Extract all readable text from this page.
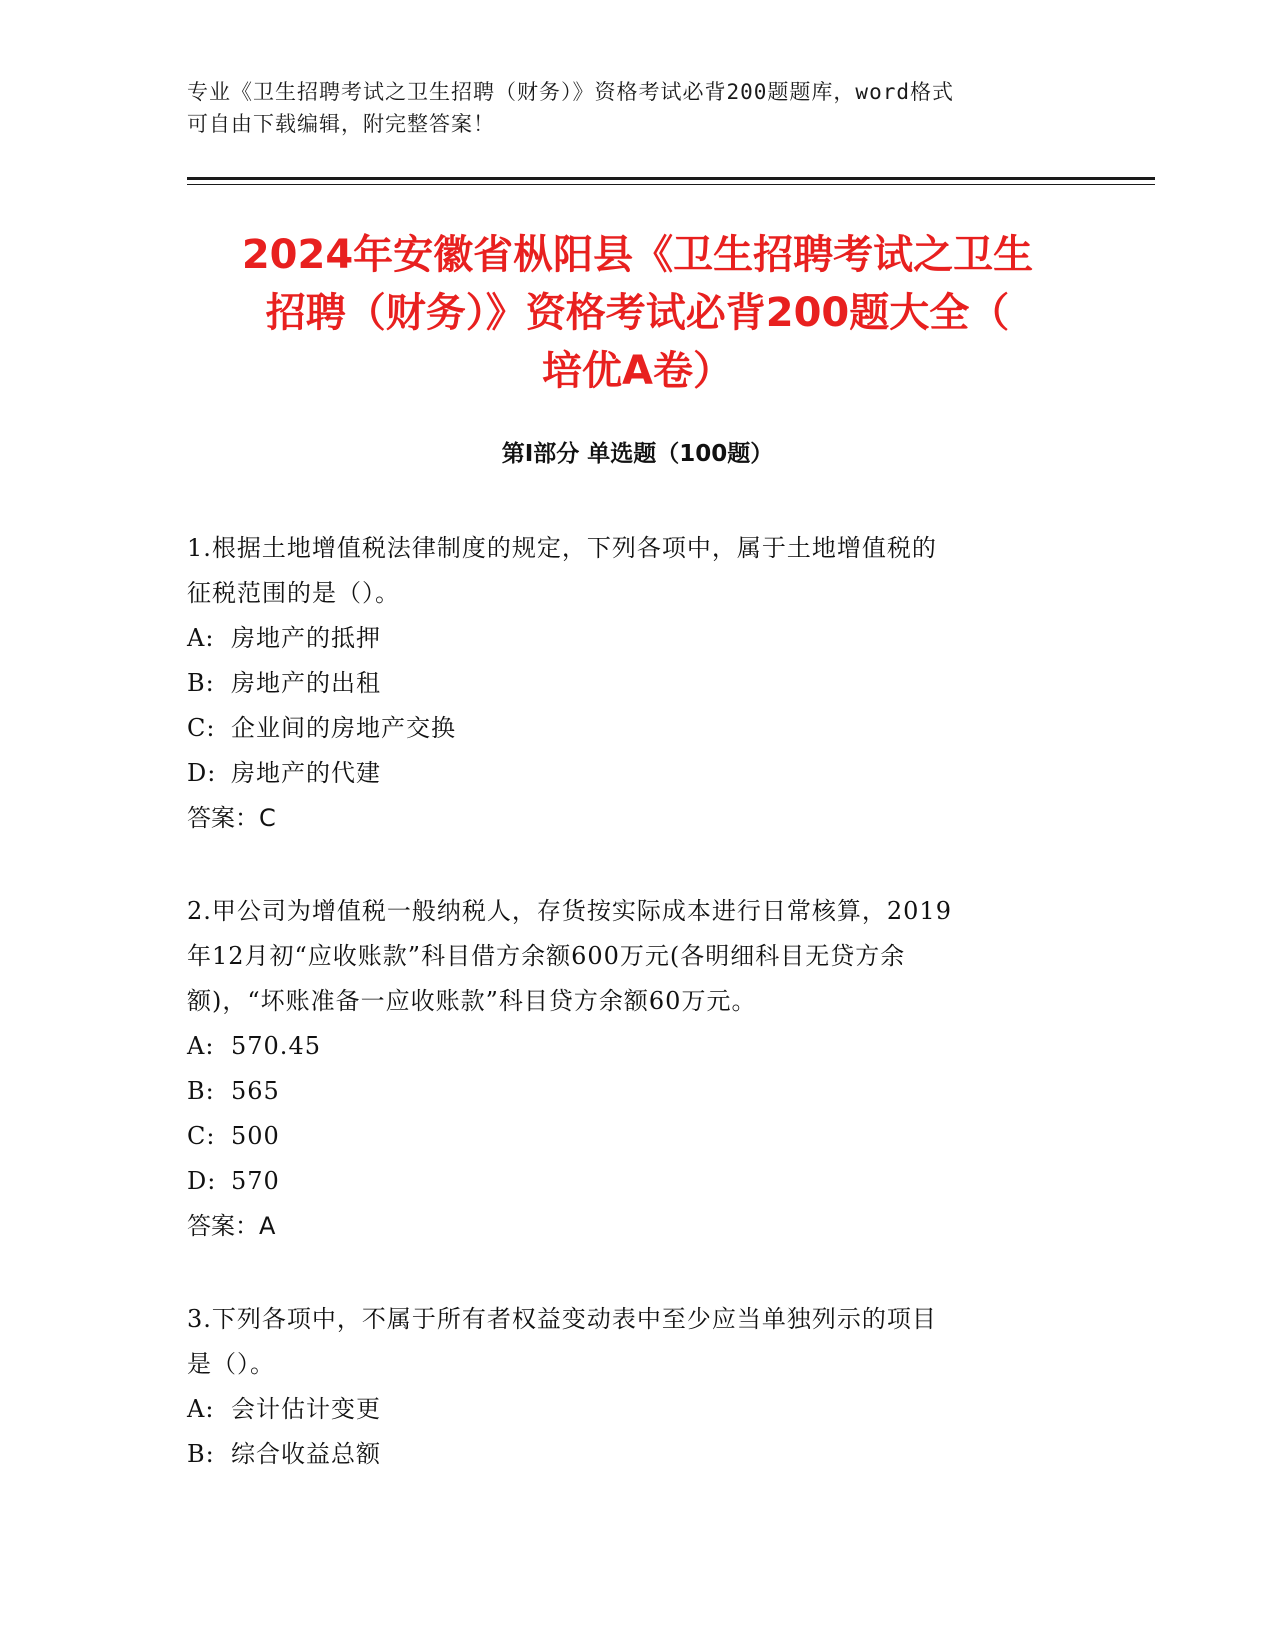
专业《卫生招聘考试之卫生招聘（财务）》资格考试必背200题题库，word格式
可自由下载编辑，附完整答案！
2024年安徽省枞阳县《卫生招聘考试之卫生
招聘（财务）》资格考试必背200题大全（
培优A卷）
第Ⅰ部分 单选题（100题）

1.根据土地增值税法律制度的规定，下列各项中，属于土地增值税的
征税范围的是（）。

A: 房地产的抵押

B: 房地产的出租

C: 企业间的房地产交换

D: 房地产的代建

答案：C

2.甲公司为增值税一般纳税人，存货按实际成本进行日常核算，2019
年12月初“应收账款”科目借方余额600万元(各明细科目无贷方余
额)，“坏账准备一应收账款”科目贷方余额60万元。

A: 570.45

B: 565

C: 500

D: 570

答案：A

3.下列各项中，不属于所有者权益变动表中至少应当单独列示的项目
是（）。

A: 会计估计变更

B: 综合收益总额
